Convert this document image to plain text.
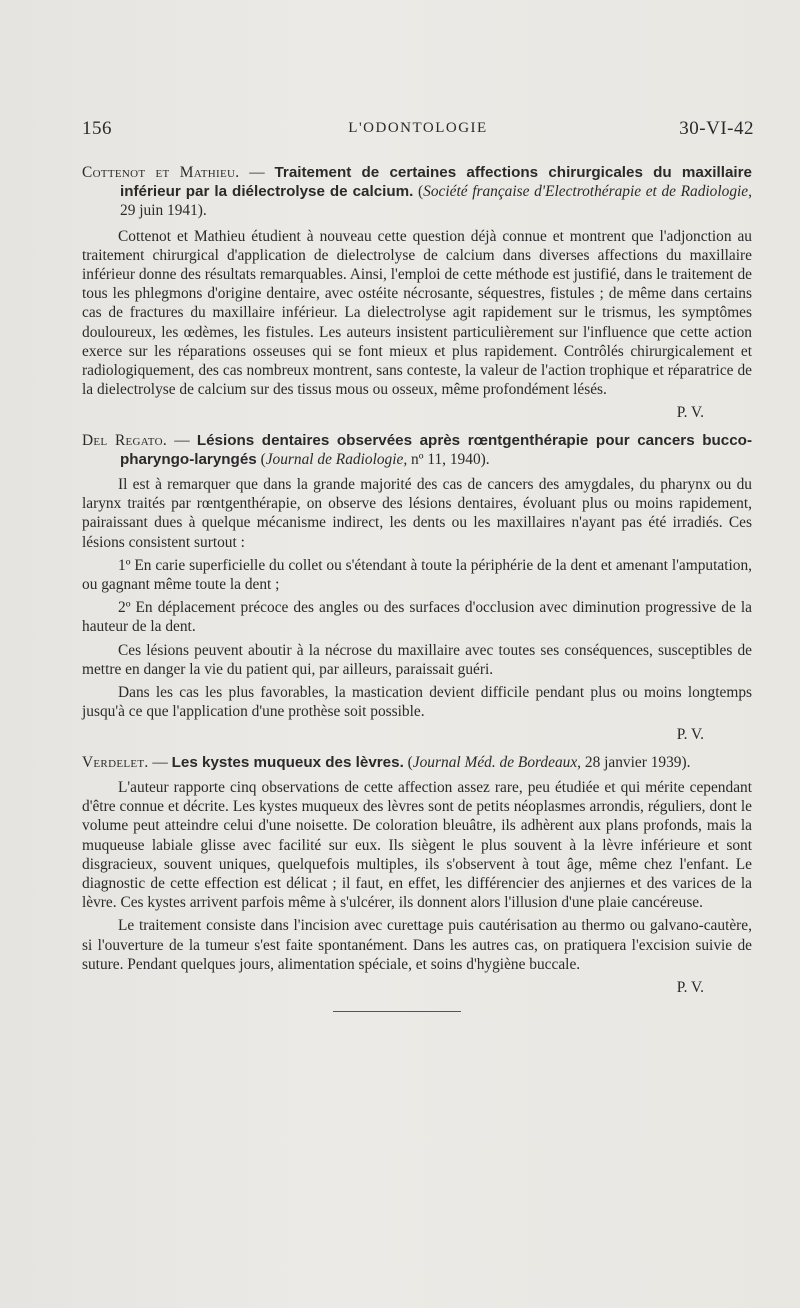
156	L'ODONTOLOGIE	30-VI-42

Cottenot et Mathieu. — Traitement de certaines affections chirurgicales du maxillaire inférieur par la diélectrolyse de calcium. (Société française d'Electrothérapie et de Radiologie, 29 juin 1941).

Cottenot et Mathieu étudient à nouveau cette question déjà connue et montrent que l'adjonction au traitement chirurgical d'application de dielectrolyse de calcium dans diverses affections du maxillaire inférieur donne des résultats remarquables. Ainsi, l'emploi de cette méthode est justifié, dans le traitement de tous les phlegmons d'origine dentaire, avec ostéite nécrosante, séquestres, fistules ; de même dans certains cas de fractures du maxillaire inférieur. La dielectrolyse agit rapidement sur le trismus, les symptômes douloureux, les œdèmes, les fistules. Les auteurs insistent particulièrement sur l'influence que cette action exerce sur les réparations osseuses qui se font mieux et plus rapidement. Contrôlés chirurgicalement et radiologiquement, des cas nombreux montrent, sans conteste, la valeur de l'action trophique et réparatrice de la dielectrolyse de calcium sur des tissus mous ou osseux, même profondément lésés.

P. V.

Del Regato. — Lésions dentaires observées après rœntgenthérapie pour cancers bucco-pharyngo-laryngés (Journal de Radiologie, nº 11, 1940).

Il est à remarquer que dans la grande majorité des cas de cancers des amygdales, du pharynx ou du larynx traités par rœntgenthérapie, on observe des lésions dentaires, évoluant plus ou moins rapidement, pairaissant dues à quelque mécanisme indirect, les dents ou les maxillaires n'ayant pas été irradiés. Ces lésions consistent surtout :

1º En carie superficielle du collet ou s'étendant à toute la périphérie de la dent et amenant l'amputation, ou gagnant même toute la dent ;

2º En déplacement précoce des angles ou des surfaces d'occlusion avec diminution progressive de la hauteur de la dent.

Ces lésions peuvent aboutir à la nécrose du maxillaire avec toutes ses conséquences, susceptibles de mettre en danger la vie du patient qui, par ailleurs, paraissait guéri.

Dans les cas les plus favorables, la mastication devient difficile pendant plus ou moins longtemps jusqu'à ce que l'application d'une prothèse soit possible.

P. V.

Verdelet. — Les kystes muqueux des lèvres. (Journal Méd. de Bordeaux, 28 janvier 1939).

L'auteur rapporte cinq observations de cette affection assez rare, peu étudiée et qui mérite cependant d'être connue et décrite. Les kystes muqueux des lèvres sont de petits néoplasmes arrondis, réguliers, dont le volume peut atteindre celui d'une noisette. De coloration bleuâtre, ils adhèrent aux plans profonds, mais la muqueuse labiale glisse avec facilité sur eux. Ils siègent le plus souvent à la lèvre inférieure et sont disgracieux, souvent uniques, quelquefois multiples, ils s'observent à tout âge, même chez l'enfant. Le diagnostic de cette effection est délicat ; il faut, en effet, les différencier des anjiernes et des varices de la lèvre. Ces kystes arrivent parfois même à s'ulcérer, ils donnent alors l'illusion d'une plaie cancéreuse.

Le traitement consiste dans l'incision avec curettage puis cautérisation au thermo ou galvano-cautère, si l'ouverture de la tumeur s'est faite spontanément. Dans les autres cas, on pratiquera l'excision suivie de suture. Pendant quelques jours, alimentation spéciale, et soins d'hygiène buccale.

P. V.
